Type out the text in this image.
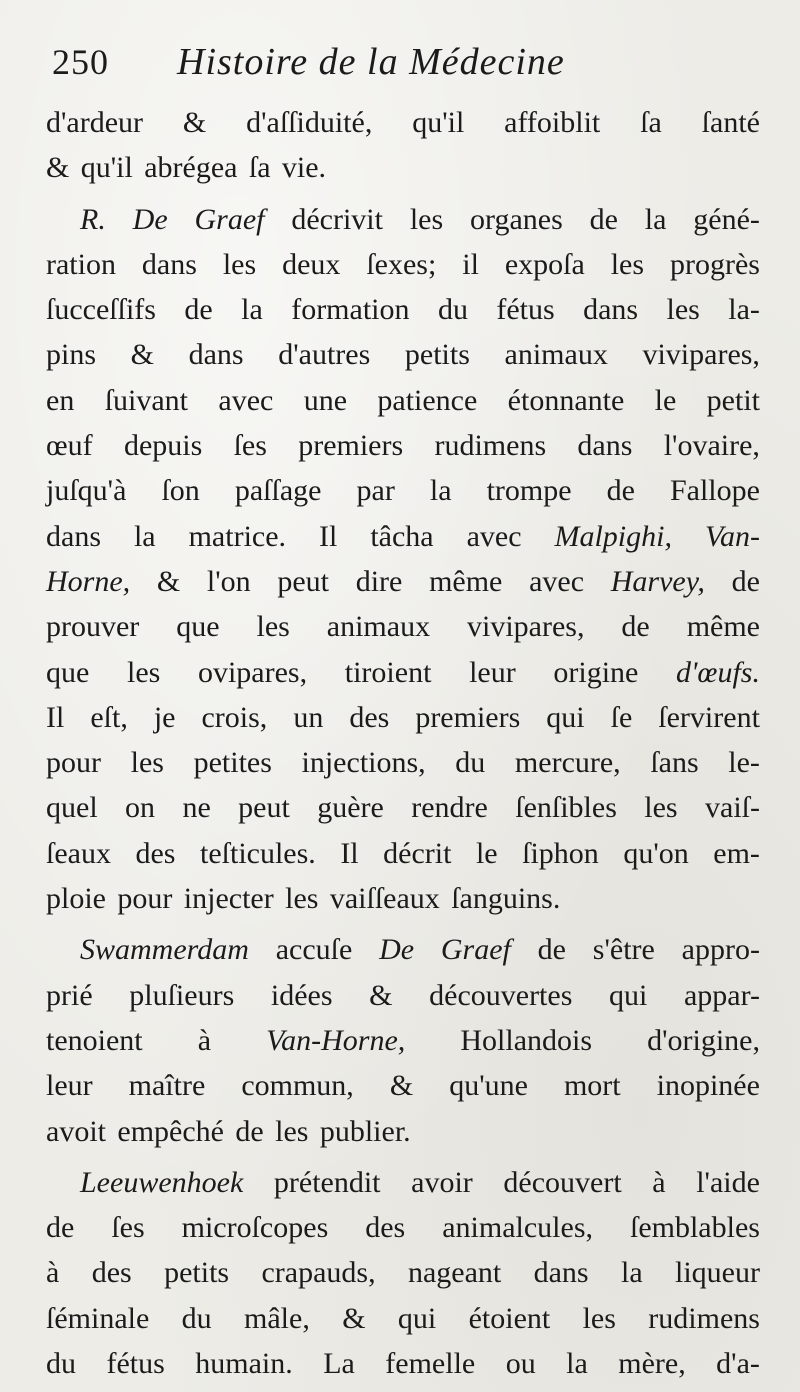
250	Histoire de la Médecine
d'ardeur & d'aſſiduité, qu'il affoiblit ſa ſanté
& qu'il abrégea ſa vie.
R. De Graef décrivit les organes de la géné-
ration dans les deux ſexes; il expoſa les progrès
ſucceſſifs de la formation du fétus dans les la-
pins & dans d'autres petits animaux vivipares,
en ſuivant avec une patience étonnante le petit
œuf depuis ſes premiers rudimens dans l'ovaire,
juſqu'à ſon paſſage par la trompe de Fallope
dans la matrice. Il tâcha avec Malpighi, Van-
Horne, & l'on peut dire même avec Harvey, de
prouver que les animaux vivipares, de même
que les ovipares, tiroient leur origine d'œufs.
Il eſt, je crois, un des premiers qui ſe ſervirent
pour les petites injections, du mercure, ſans le-
quel on ne peut guère rendre ſenſibles les vaiſ-
ſeaux des teſticules. Il décrit le ſiphon qu'on em-
ploie pour injecter les vaiſſeaux ſanguins.
Swammerdam accuſe De Graef de s'être appro-
prié pluſieurs idées & découvertes qui appar-
tenoient à Van-Horne, Hollandois d'origine,
leur maître commun, & qu'une mort inopinée
avoit empêché de les publier.
Leeuwenhoek prétendit avoir découvert à l'aide
de ſes microſcopes des animalcules, ſemblables
à des petits crapauds, nageant dans la liqueur
ſéminale du mâle, & qui étoient les rudimens
du fétus humain. La femelle ou la mère, d'a-
